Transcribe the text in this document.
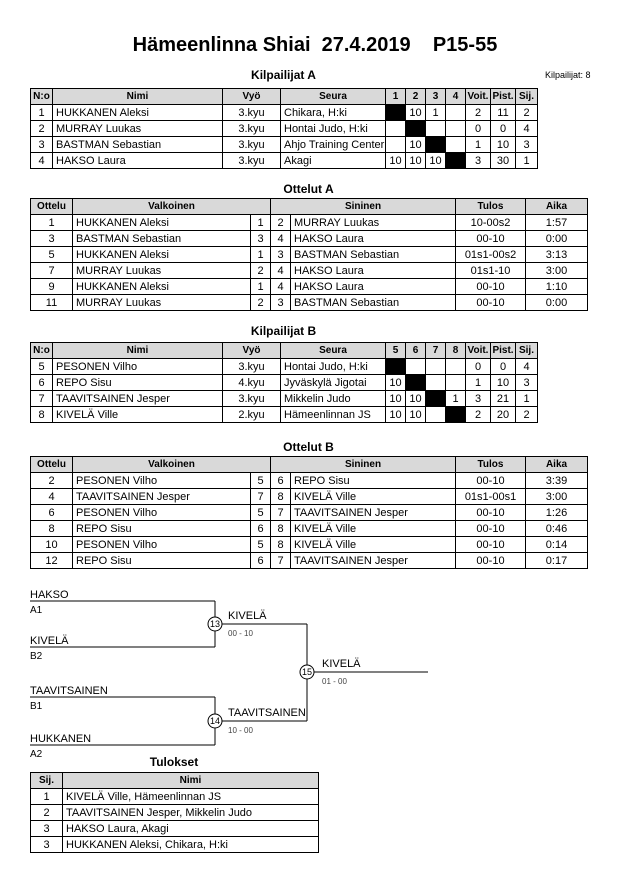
Hämeenlinna Shiai  27.4.2019    P15-55
Kilpailijat: 8
Kilpailijat A
N:o	Nimi	Vyö	Seura	1	2	3	4	Voit.	Pist.	Sij.
1	HUKKANEN Aleksi	3.kyu	Chikara, H:ki		10	1		2	11	2
2	MURRAY Luukas	3.kyu	Hontai Judo, H:ki					0	0	4
3	BASTMAN Sebastian	3.kyu	Ahjo Training Center		10			1	10	3
4	HAKSO Laura	3.kyu	Akagi	10	10	10		3	30	1
Ottelut A
Ottelu	Valkoinen		Sininen		Tulos	Aika
1	HUKKANEN Aleksi	1	2	MURRAY Luukas	10-00s2	1:57
3	BASTMAN Sebastian	3	4	HAKSO Laura	00-10	0:00
5	HUKKANEN Aleksi	1	3	BASTMAN Sebastian	01s1-00s2	3:13
7	MURRAY Luukas	2	4	HAKSO Laura	01s1-10	3:00
9	HUKKANEN Aleksi	1	4	HAKSO Laura	00-10	1:10
11	MURRAY Luukas	2	3	BASTMAN Sebastian	00-10	0:00
Kilpailijat B
N:o	Nimi	Vyö	Seura	5	6	7	8	Voit.	Pist.	Sij.
5	PESONEN Vilho	3.kyu	Hontai Judo, H:ki					0	0	4
6	REPO Sisu	4.kyu	Jyväskylä Jigotai	10				1	10	3
7	TAAVITSAINEN Jesper	3.kyu	Mikkelin Judo	10	10		1	3	21	1
8	KIVELÄ Ville	2.kyu	Hämeenlinnan JS	10	10			2	20	2
Ottelut B
Ottelu	Valkoinen		Sininen		Tulos	Aika
2	PESONEN Vilho	5	6	REPO Sisu	00-10	3:39
4	TAAVITSAINEN Jesper	7	8	KIVELÄ Ville	01s1-00s1	3:00
6	PESONEN Vilho	5	7	TAAVITSAINEN Jesper	00-10	1:26
8	REPO Sisu	6	8	KIVELÄ Ville	00-10	0:46
10	PESONEN Vilho	5	8	KIVELÄ Ville	00-10	0:14
12	REPO Sisu	6	7	TAAVITSAINEN Jesper	00-10	0:17
HAKSO
A1
KIVELÄ
B2
13
KIVELÄ
00 - 10
TAAVITSAINEN
B1
HUKKANEN
A2
14
TAAVITSAINEN
10 - 00
15
KIVELÄ
01 - 00
Tulokset
Sij.	Nimi
1	KIVELÄ Ville, Hämeenlinnan JS
2	TAAVITSAINEN Jesper, Mikkelin Judo
3	HAKSO Laura, Akagi
3	HUKKANEN Aleksi, Chikara, H:ki
